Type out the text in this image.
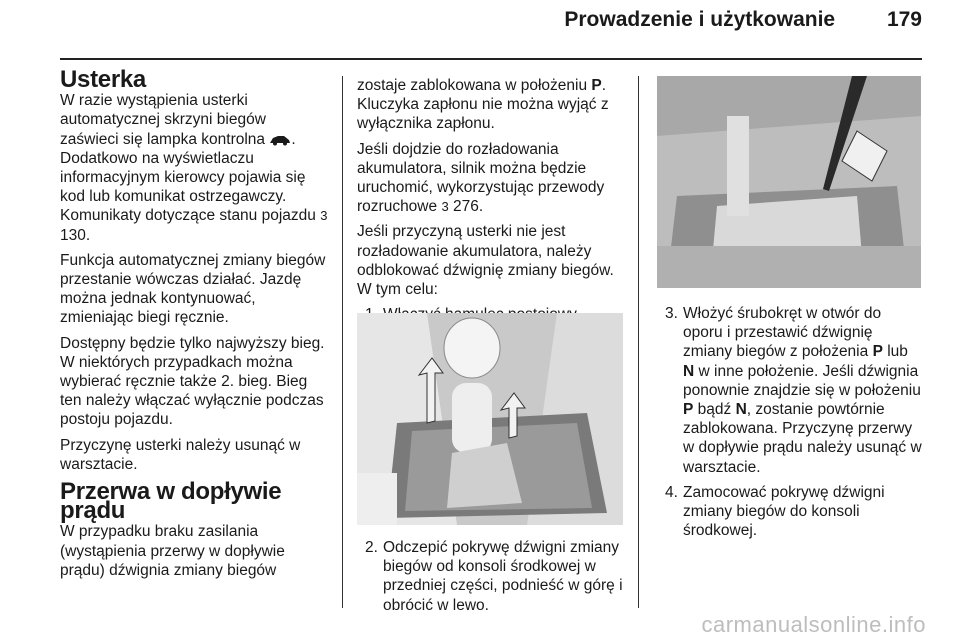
Prowadzenie i użytkowanie 179
Usterka

W razie wystąpienia usterki automatycznej skrzyni biegów zaświeci się lampka kontrolna . Dodatkowo na wyświetlaczu informacyjnym kierowcy pojawia się kod lub komunikat ostrzegawczy. Komunikaty dotyczące stanu pojazdu 3 130.

Funkcja automatycznej zmiany biegów przestanie wówczas działać. Jazdę można jednak kontynuować, zmieniając biegi ręcznie.

Dostępny będzie tylko najwyższy bieg. W niektórych przypadkach można wybierać ręcznie także 2. bieg. Bieg ten należy włączać wyłącznie podczas postoju pojazdu.

Przyczynę usterki należy usunąć w warsztacie.

Przerwa w dopływie prądu

W przypadku braku zasilania (wystąpienia przerwy w dopływie prądu) dźwignia zmiany biegów

zostaje zablokowana w położeniu P. Kluczyka zapłonu nie można wyjąć z wyłącznika zapłonu.

Jeśli dojdzie do rozładowania akumulatora, silnik można będzie uruchomić, wykorzystując przewody rozruchowe 3 276.

Jeśli przyczyną usterki nie jest rozładowanie akumulatora, należy odblokować dźwignię zmiany biegów. W tym celu:

2. Odczepić pokrywę dźwigni zmiany biegów od konsoli środkowej w przedniej części, podnieść w górę i obrócić w lewo.
3. Włożyć śrubokręt w otwór do oporu i przestawić dźwignię zmiany biegów z położenia P lub N w inne położenie. Jeśli dźwignia ponownie znajdzie się w położeniu P bądź N, zostanie powtórnie zablokowana. Przyczynę przerwy w dopływie prądu należy usunąć w warsztacie.
4. Zamocować pokrywę dźwigni zmiany biegów do konsoli środkowej.
carmanualsonline.info
